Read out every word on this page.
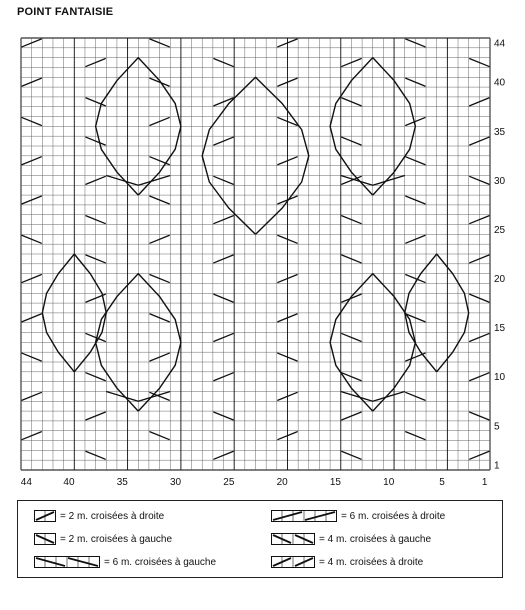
POINT FANTAISIE
44	40	35	30	25	20	15	10	5	1
44
40
35
30
25
20
15
10
5
1
= 2 m. croisées à droite	= 6 m. croisées à droite
= 2 m. croisées à gauche	= 4 m. croisées à gauche
= 6 m. croisées à gauche	= 4 m. croisées à droite
